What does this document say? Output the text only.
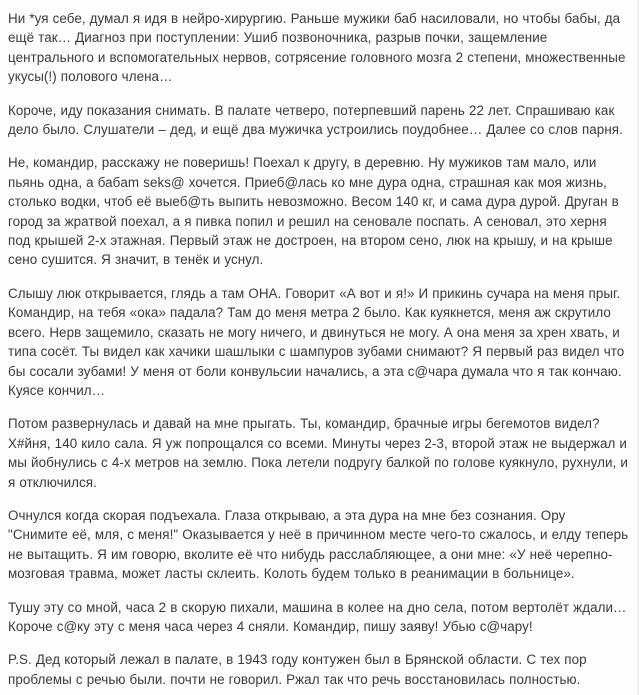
Ни *уя себе, думал я идя в нейро-хирургию. Раньше мужики баб насиловали, но чтобы бабы, да ещё так… Диагноз при поступлении: Ушиб позвоночника, разрыв почки, защемление центрального и вспомогательных нервов, сотрясение головного мозга 2 степени, множественные укусы(!) полового члена…

Короче, иду показания снимать. В палате четверо, потерпевший парень 22 лет. Спрашиваю как дело было. Слушатели – дед, и ещё два мужичка устроились поудобнее… Далее со слов парня.

Не, командир, расскажу не поверишь! Поехал к другу, в деревню. Ну мужиков там мало, или пьянь одна, а бабam seks@ хочется. Приеб@лась ко мне дура одна, страшная как моя жизнь, столько водки, чтоб её выеб@ть выпить невозможно. Весом 140 кг, и сама дура дурой. Друган в город за жратвой поехал, а я пивка попил и решил на сеновале поспать. А сеновал, это херня под крышей 2-х этажная. Первый этаж не достроен, на втором сено, люк на крышу, и на крыше сено сушится. Я значит, в тенёк и уснул.

Слышу люк открывается, глядь а там ОНА. Говорит «А вот и я!» И прикинь сучара на меня прыг. Командир, на тебя «ока» падала? Там до меня метра 2 было. Как куякнется, меня аж скрутило всего. Нерв защемило, сказать не могу ничего, и двинуться не могу. А она меня за хрен хвать, и типа сосёт. Ты видел как хачики шашлыки с шампуров зубами снимают? Я первый раз видел что бы сосали зубами! У меня от боли конвульсии начались, а эта с@чара думала что я так кончаю. Куясе кончил…

Потом развернулась и давай на мне прыгать. Ты, командир, брачные игры бегемотов видел? Х#йня, 140 кило сала. Я уж попрощался со всеми. Минуты через 2-3, второй этаж не выдержал и мы йобнулись с 4-х метров на землю. Пока летели подругу балкой по голове куякнуло, рухнули, и я отключился.

Очнулся когда скорая подъехала. Глаза открываю, а эта дура на мне без сознания. Ору "Снимите её, мля, с меня!" Оказывается у неё в причинном месте чего-то сжалось, и елду теперь не вытащить. Я им говорю, вколите её что нибудь расслабляющее, а они мне: «У неё черепно-мозговая травма, может ласты склеить. Колоть будем только в реанимации в больнице».

Тушу эту со мной, часа 2 в скорую пихали, машина в колее на дно села, потом вертолёт ждали… Короче с@ку эту с меня часа через 4 сняли. Командир, пишу заяву! Убью с@чару!

P.S. Дед который лежал в палате, в 1943 году контужен был в Брянской области. С тех пор проблемы с речью были. почти не говорил. Ржал так что речь восстановилась полностью.
